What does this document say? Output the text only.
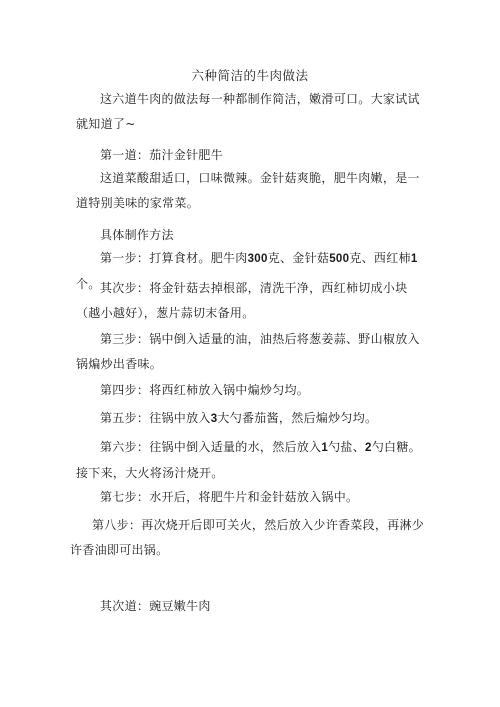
六种简洁的牛肉做法

这六道牛肉的做法每一种都制作简洁，嫩滑可口。大家试试就知道了~

第一道：茄汁金针肥牛

这道菜酸甜适口，口味微辣。金针菇爽脆，肥牛肉嫩，是一道特别美味的家常菜。

具体制作方法

第一步：打算食材。肥牛肉300克、金针菇500克、西红柿1个。 其次步：将金针菇去掉根部，清洗干净，西红柿切成小块（越小越好），葱片蒜切末备用。

第三步：锅中倒入适量的油，油热后将葱姜蒜、野山椒放入锅煸炒出香味。

第四步：将西红柿放入锅中煸炒匀均。

第五步：往锅中放入3大勺番茄酱，然后煸炒匀均。

第六步：往锅中倒入适量的水，然后放入1勺盐、2勺白糖。接下来，大火将汤汁烧开。

第七步：水开后，将肥牛片和金针菇放入锅中。

第八步：再次烧开后即可关火，然后放入少许香菜段，再淋少许香油即可出锅。

其次道：豌豆嫩牛肉
